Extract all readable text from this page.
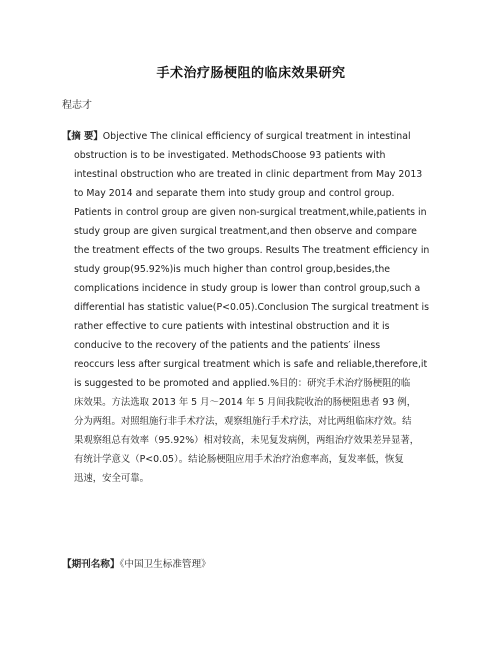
手术治疗肠梗阻的临床效果研究
程志才

【摘 要】Objective The clinical efficiency of surgical treatment in intestinal

obstruction is to be investigated. MethodsChoose 93 patients with

intestinal obstruction who are treated in clinic department from May 2013

to May 2014 and separate them into study group and control group.

Patients in control group are given non-surgical treatment,while,patients in

study group are given surgical treatment,and then observe and compare

the treatment effects of the two groups. Results The treatment efficiency in

study group(95.92%)is much higher than control group,besides,the

complications incidence in study group is lower than control group,such a

differential has statistic value(P<0.05).Conclusion The surgical treatment is

rather effective to cure patients with intestinal obstruction and it is

conducive to the recovery of the patients and the patients′ ilness

reoccurs less after surgical treatment which is safe and reliable,therefore,it

is suggested to be promoted and applied.%目的：研究手术治疗肠梗阻的临

床效果。方法选取 2013 年 5 月～2014 年 5 月间我院收治的肠梗阻患者 93 例，

分为两组。对照组施行非手术疗法，观察组施行手术疗法，对比两组临床疗效。结

果观察组总有效率（95.92%）相对较高，未见复发病例，两组治疗效果差异显著，

有统计学意义（P<0.05）。结论肠梗阻应用手术治疗治愈率高，复发率低，恢复

迅速，安全可靠。

【期刊名称】《中国卫生标准管理》
